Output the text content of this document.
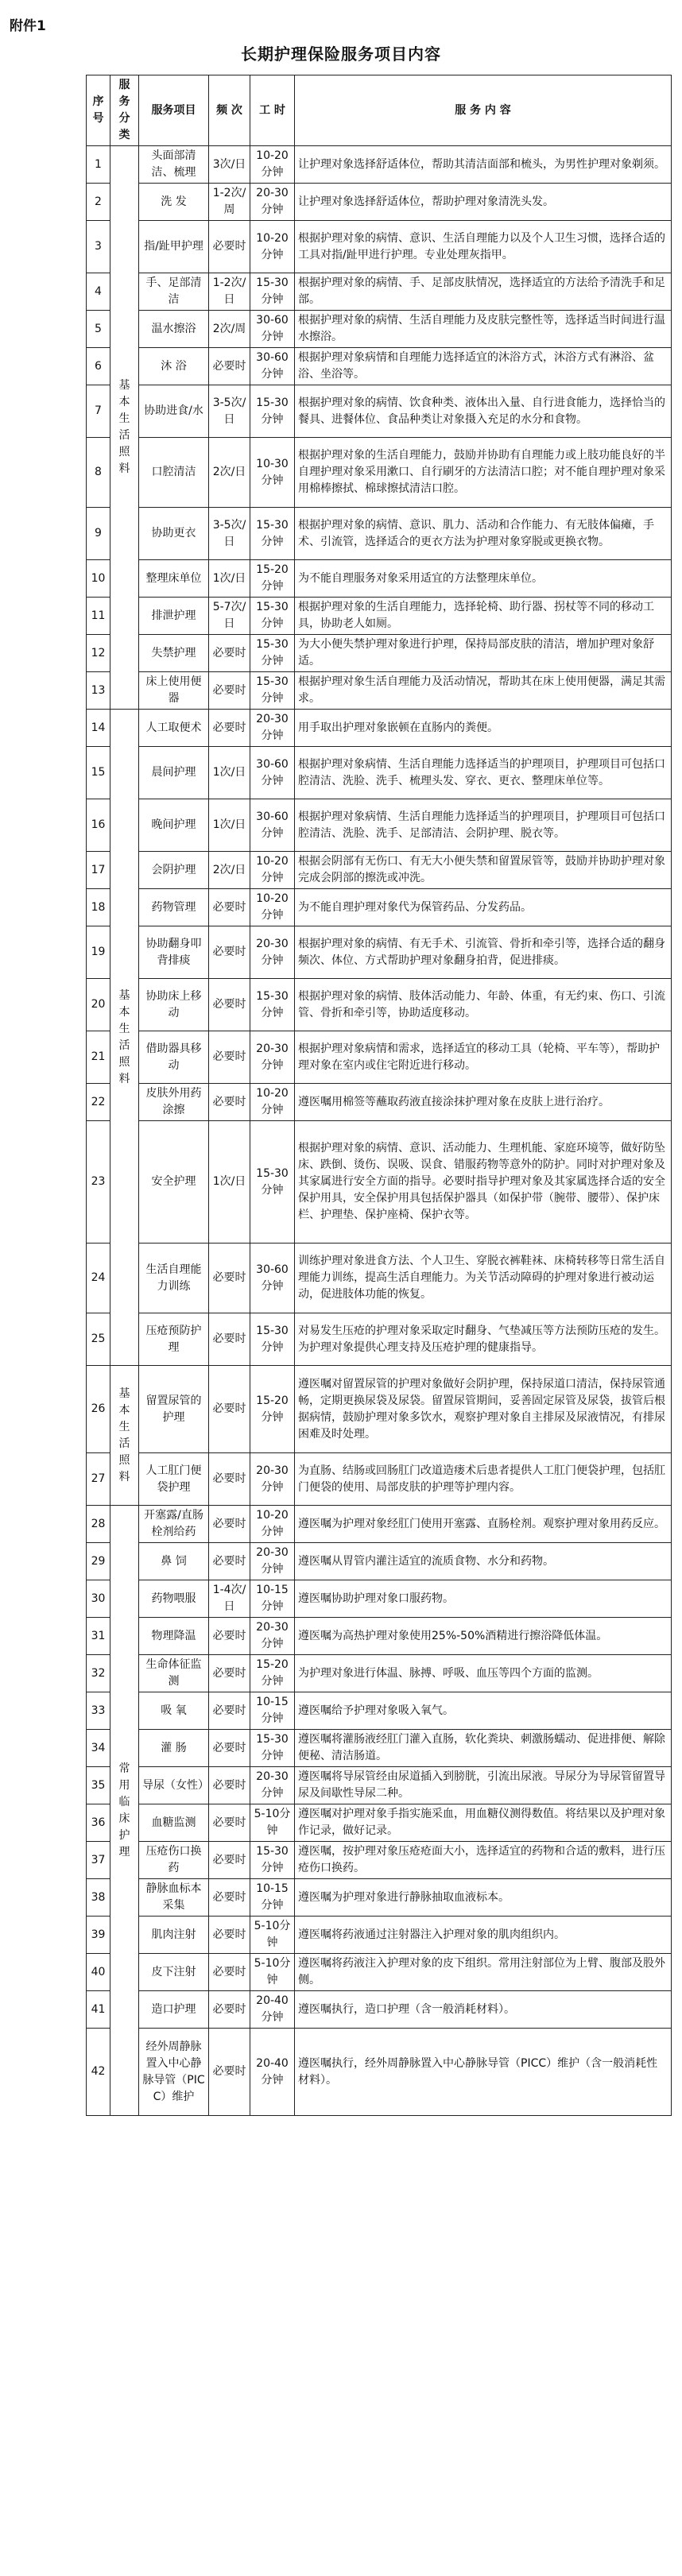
附件1
长期护理保险服务项目内容
序号	服务分类	服务项目	频 次	工 时	服 务 内 容
1	基本生活照料	头面部清洁、梳理	3次/日	10-20分钟	让护理对象选择舒适体位，帮助其清洁面部和梳头，为男性护理对象剃须。
2		洗 发	1-2次/周	20-30分钟	让护理对象选择舒适体位，帮助护理对象清洗头发。
3		指/趾甲护理	必要时	10-20分钟	根据护理对象的病情、意识、生活自理能力以及个人卫生习惯，选择合适的工具对指/趾甲进行护理。专业处理灰指甲。
4		手、足部清洁	1-2次/日	15-30分钟	根据护理对象的病情、手、足部皮肤情况，选择适宜的方法给予清洗手和足部。
5		温水擦浴	2次/周	30-60分钟	根据护理对象的病情、生活自理能力及皮肤完整性等，选择适当时间进行温水擦浴。
6		沐 浴	必要时	30-60分钟	根据护理对象病情和自理能力选择适宜的沐浴方式，沐浴方式有淋浴、盆浴、坐浴等。
7		协助进食/水	3-5次/日	15-30分钟	根据护理对象的病情、饮食种类、液体出入量、自行进食能力，选择恰当的餐具、进餐体位、食品种类让对象摄入充足的水分和食物。
8		口腔清洁	2次/日	10-30分钟	根据护理对象的生活自理能力，鼓励并协助有自理能力或上肢功能良好的半自理护理对象采用漱口、自行刷牙的方法清洁口腔；对不能自理护理对象采用棉棒擦拭、棉球擦拭清洁口腔。
9		协助更衣	3-5次/日	15-30分钟	根据护理对象的病情、意识、肌力、活动和合作能力、有无肢体偏瘫，手术、引流管，选择适合的更衣方法为护理对象穿脱或更换衣物。
10		整理床单位	1次/日	15-20分钟	为不能自理服务对象采用适宜的方法整理床单位。
11		排泄护理	5-7次/日	15-30分钟	根据护理对象的生活自理能力，选择轮椅、助行器、拐杖等不同的移动工具，协助老人如厕。
12		失禁护理	必要时	15-30分钟	为大小便失禁护理对象进行护理，保持局部皮肤的清洁，增加护理对象舒适。
13		床上使用便器	必要时	15-30分钟	根据护理对象生活自理能力及活动情况，帮助其在床上使用便器，满足其需求。
14	基本生活照料	人工取便术	必要时	20-30分钟	用手取出护理对象嵌顿在直肠内的粪便。
15		晨间护理	1次/日	30-60分钟	根据护理对象病情、生活自理能力选择适当的护理项目，护理项目可包括口腔清洁、洗脸、洗手、梳理头发、穿衣、更衣、整理床单位等。
16		晚间护理	1次/日	30-60分钟	根据护理对象病情、生活自理能力选择适当的护理项目，护理项目可包括口腔清洁、洗脸、洗手、足部清洁、会阴护理、脱衣等。
17		会阴护理	2次/日	10-20分钟	根据会阴部有无伤口、有无大小便失禁和留置尿管等，鼓励并协助护理对象完成会阴部的擦洗或冲洗。
18		药物管理	必要时	10-20分钟	为不能自理护理对象代为保管药品、分发药品。
19		协助翻身叩背排痰	必要时	20-30分钟	根据护理对象的病情、有无手术、引流管、骨折和牵引等，选择合适的翻身频次、体位、方式帮助护理对象翻身拍背，促进排痰。
20		协助床上移动	必要时	15-30分钟	根据护理对象的病情、肢体活动能力、年龄、体重，有无约束、伤口、引流管、骨折和牵引等，协助适度移动。
21		借助器具移动	必要时	20-30分钟	根据护理对象病情和需求，选择适宜的移动工具（轮椅、平车等），帮助护理对象在室内或住宅附近进行移动。
22		皮肤外用药涂擦	必要时	10-20分钟	遵医嘱用棉签等蘸取药液直接涂抹护理对象在皮肤上进行治疗。
23		安全护理	1次/日	15-30分钟	根据护理对象的病情、意识、活动能力、生理机能、家庭环境等，做好防坠床、跌倒、烫伤、误吸、误食、错服药物等意外的防护。同时对护理对象及其家属进行安全方面的指导。必要时指导护理对象及其家属选择合适的安全保护用具，安全保护用具包括保护器具（如保护带（腕带、腰带）、保护床栏、护理垫、保护座椅、保护衣等。
24		生活自理能力训练	必要时	30-60分钟	训练护理对象进食方法、个人卫生、穿脱衣裤鞋袜、床椅转移等日常生活自理能力训练，提高生活自理能力。为关节活动障碍的护理对象进行被动运动，促进肢体功能的恢复。
25		压疮预防护理	必要时	15-30分钟	对易发生压疮的护理对象采取定时翻身、气垫减压等方法预防压疮的发生。为护理对象提供心理支持及压疮护理的健康指导。
26	基本生活照料	留置尿管的护理	必要时	15-20分钟	遵医嘱对留置尿管的护理对象做好会阴护理，保持尿道口清洁，保持尿管通畅，定期更换尿袋及尿袋。留置尿管期间，妥善固定尿管及尿袋，拔管后根据病情，鼓励护理对象多饮水，观察护理对象自主排尿及尿液情况，有排尿困难及时处理。
27		人工肛门便袋护理	必要时	20-30分钟	为直肠、结肠或回肠肛门改道造瘘术后患者提供人工肛门便袋护理，包括肛门便袋的使用、局部皮肤的护理等护理内容。
28	常用临床护理	开塞露/直肠栓剂给药	必要时	10-20分钟	遵医嘱为护理对象经肛门使用开塞露、直肠栓剂。观察护理对象用药反应。
29		鼻 饲	必要时	20-30分钟	遵医嘱从胃管内灌注适宜的流质食物、水分和药物。
30		药物喂服	1-4次/日	10-15分钟	遵医嘱协助护理对象口服药物。
31		物理降温	必要时	20-30分钟	遵医嘱为高热护理对象使用25%-50%酒精进行擦浴降低体温。
32		生命体征监测	必要时	15-20分钟	为护理对象进行体温、脉搏、呼吸、血压等四个方面的监测。
33		吸 氧	必要时	10-15分钟	遵医嘱给予护理对象吸入氧气。
34		灌 肠	必要时	15-30分钟	遵医嘱将灌肠液经肛门灌入直肠，软化粪块、刺激肠蠕动、促进排便、解除便秘、清洁肠道。
35		导尿（女性）	必要时	20-30分钟	遵医嘱将导尿管经由尿道插入到膀胱，引流出尿液。导尿分为导尿管留置导尿及间歇性导尿二种。
36		血糖监测	必要时	5-10分钟	遵医嘱对护理对象手指实施采血，用血糖仪测得数值。将结果以及护理对象作记录，做好记录。
37		压疮伤口换药	必要时	15-30分钟	遵医嘱，按护理对象压疮疮面大小，选择适宜的药物和合适的敷料，进行压疮伤口换药。
38		静脉血标本采集	必要时	10-15分钟	遵医嘱为护理对象进行静脉抽取血液标本。
39		肌肉注射	必要时	5-10分钟	遵医嘱将药液通过注射器注入护理对象的肌肉组织内。
40		皮下注射	必要时	5-10分钟	遵医嘱将药液注入护理对象的皮下组织。常用注射部位为上臂、腹部及股外侧。
41		造口护理	必要时	20-40分钟	遵医嘱执行，造口护理（含一般消耗材料）。
42		经外周静脉置入中心静脉导管（PICC）维护	必要时	20-40分钟	遵医嘱执行，经外周静脉置入中心静脉导管（PICC）维护（含一般消耗性材料）。
